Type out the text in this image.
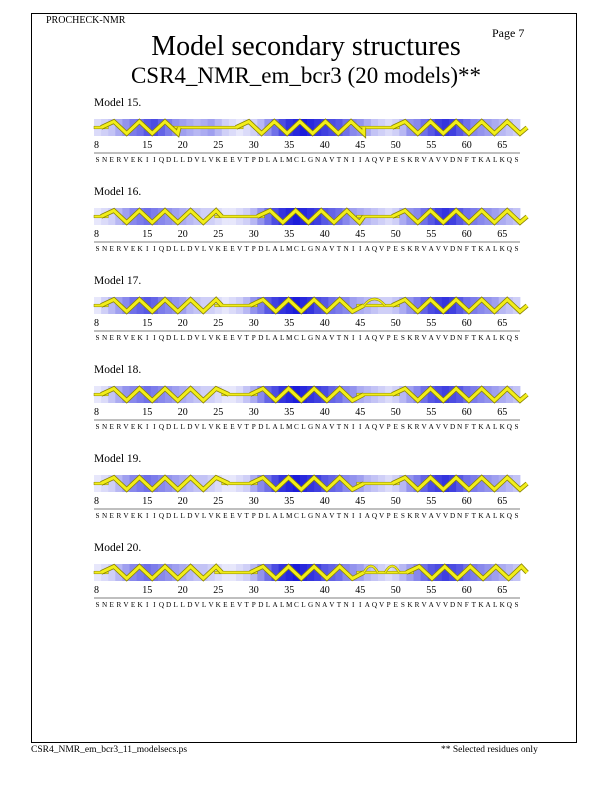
PROCHECK-NMR
Page 7
Model secondary structures
CSR4_NMR_em_bcr3 (20 models)**
Model 15.
8	15	20	25	30	35	40	45	50	55	60	65
S N E R V E K I I Q D L L D V L V K E E V T P D L A L M C L G N A V T N I I A Q V P E S K R V A V V D N F T K A L K Q S
Model 16.
8	15	20	25	30	35	40	45	50	55	60	65
S N E R V E K I I Q D L L D V L V K E E V T P D L A L M C L G N A V T N I I A Q V P E S K R V A V V D N F T K A L K Q S
Model 17.
8	15	20	25	30	35	40	45	50	55	60	65
S N E R V E K I I Q D L L D V L V K E E V T P D L A L M C L G N A V T N I I A Q V P E S K R V A V V D N F T K A L K Q S
Model 18.
8	15	20	25	30	35	40	45	50	55	60	65
S N E R V E K I I Q D L L D V L V K E E V T P D L A L M C L G N A V T N I I A Q V P E S K R V A V V D N F T K A L K Q S
Model 19.
8	15	20	25	30	35	40	45	50	55	60	65
S N E R V E K I I Q D L L D V L V K E E V T P D L A L M C L G N A V T N I I A Q V P E S K R V A V V D N F T K A L K Q S
Model 20.
8	15	20	25	30	35	40	45	50	55	60	65
S N E R V E K I I Q D L L D V L V K E E V T P D L A L M C L G N A V T N I I A Q V P E S K R V A V V D N F T K A L K Q S
CSR4_NMR_em_bcr3_11_modelsecs.ps	** Selected residues only
